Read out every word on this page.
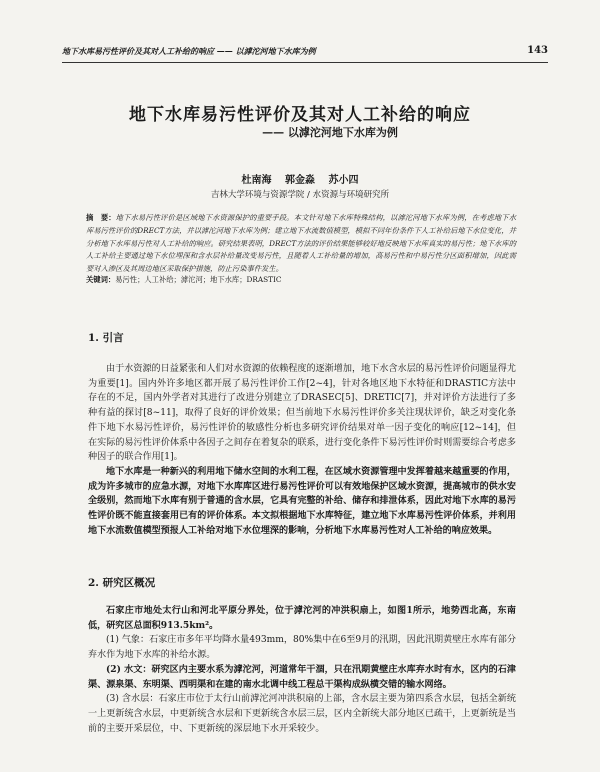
地下水库易污性评价及其对人工补给的响应 —— 以滹沱河地下水库为例	143
地下水库易污性评价及其对人工补给的响应
—— 以滹沱河地下水库为例
杜南海 郭金淼 苏小四
吉林大学环境与资源学院 / 水资源与环境研究所
摘　要：地下水易污性评价是区域地下水资源保护的重要手段。本文针对地下水库特殊结构，以滹沱河地下水库为例，在考虑地下水库易污性评价的DRECT方法，并以滹沱河地下水库为例；建立地下水流数值模型，模拟不同年份条件下人工补给后地下水位变化，并分析地下水库易污性对人工补给的响应。研究结果表明，DRECT方法的评价结果能够较好地反映地下水库真实的易污性；地下水库的人工补给主要通过地下水位埋深和含水层补给量改变易污性，且随着人工补给量的增加，高易污性和中易污性分区面积增加，因此需要对入渗区及其周边地区采取保护措施，防止污染事件发生。
关键词：易污性；人工补给；滹沱河；地下水库；DRASTIC
1. 引言

由于水资源的日益紧张和人们对水资源的依赖程度的逐渐增加，地下水含水层的易污性评价问题显得尤为重要[1]。国内外许多地区都开展了易污性评价工作[2~4]，针对各地区地下水特征和DRASTIC方法中存在的不足，国内外学者对其进行了改进分别建立了DRASEC[5]、DRETIC[7]，并对评价方法进行了多种有益的探讨[8~11]，取得了良好的评价效果；但当前地下水易污性评价多关注现状评价，缺乏对变化条件下地下水易污性评价，易污性评价的敏感性分析也多研究评价结果对单一因子变化的响应[12~14]，但在实际的易污性评价体系中各因子之间存在着复杂的联系，进行变化条件下易污性评价时则需要综合考虑多种因子的联合作用[1]。

地下水库是一种新兴的利用地下储水空间的水利工程，在区域水资源管理中发挥着越来越重要的作用，成为许多城市的应急水源，对地下水库库区进行易污性评价可以有效地保护区域水资源，提高城市的供水安全级别，然而地下水库有别于普通的含水层，它具有完整的补给、储存和排泄体系，因此对地下水库的易污性评价既不能直接套用已有的评价体系。本文拟根据地下水库特征，建立地下水库易污性评价体系，并利用地下水流数值模型预报人工补给对地下水位埋深的影响，分析地下水库易污性对人工补给的响应效果。

2. 研究区概况

石家庄市地处太行山和河北平原分界处，位于滹沱河的冲洪积扇上，如图1所示，地势西北高，东南低，研究区总面积913.5km²。

(1) 气象：石家庄市多年平均降水量493mm，80%集中在6至9月的汛期，因此汛期黄壁庄水库有部分弃水作为地下水库的补给水源。

(2) 水文：研究区内主要水系为滹沱河，河道常年干涸，只在汛期黄壁庄水库弃水时有水，区内的石津渠、源泉渠、东明渠、西明渠和在建的南水北调中线工程总干渠构成纵横交错的输水网络。

(3) 含水层：石家庄市位于太行山前滹沱河冲洪积扇的上部，含水层主要为第四系含水层，包括全新统一上更新统含水层，中更新统含水层和下更新统含水层三层，区内全新统大部分地区已疏干，上更新统是当前的主要开采层位，中、下更新统的深层地下水开采较少。
